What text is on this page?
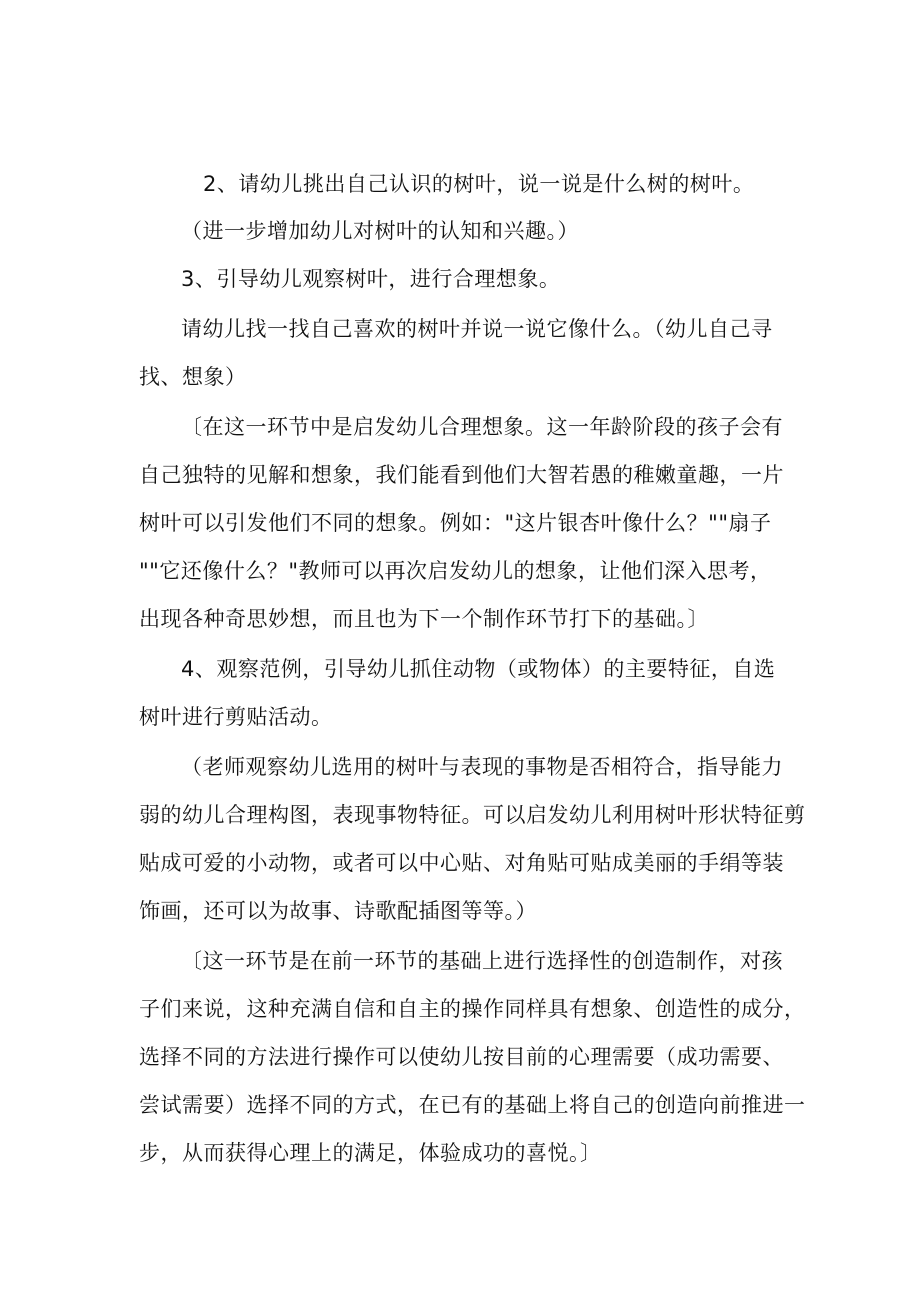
2、请幼儿挑出自己认识的树叶，说一说是什么树的树叶。
（进一步增加幼儿对树叶的认知和兴趣。）
3、引导幼儿观察树叶，进行合理想象。
请幼儿找一找自己喜欢的树叶并说一说它像什么。（幼儿自己寻
找、想象）
〔在这一环节中是启发幼儿合理想象。这一年龄阶段的孩子会有
自己独特的见解和想象，我们能看到他们大智若愚的稚嫩童趣，一片
树叶可以引发他们不同的想象。例如："这片银杏叶像什么？""扇子
""它还像什么？"教师可以再次启发幼儿的想象，让他们深入思考，
出现各种奇思妙想，而且也为下一个制作环节打下的基础。〕
4、观察范例，引导幼儿抓住动物（或物体）的主要特征，自选
树叶进行剪贴活动。
（老师观察幼儿选用的树叶与表现的事物是否相符合，指导能力
弱的幼儿合理构图，表现事物特征。可以启发幼儿利用树叶形状特征剪
贴成可爱的小动物，或者可以中心贴、对角贴可贴成美丽的手绢等装
饰画，还可以为故事、诗歌配插图等等。）
〔这一环节是在前一环节的基础上进行选择性的创造制作，对孩
子们来说，这种充满自信和自主的操作同样具有想象、创造性的成分，
选择不同的方法进行操作可以使幼儿按目前的心理需要（成功需要、
尝试需要）选择不同的方式，在已有的基础上将自己的创造向前推进一
步，从而获得心理上的满足，体验成功的喜悦。〕
